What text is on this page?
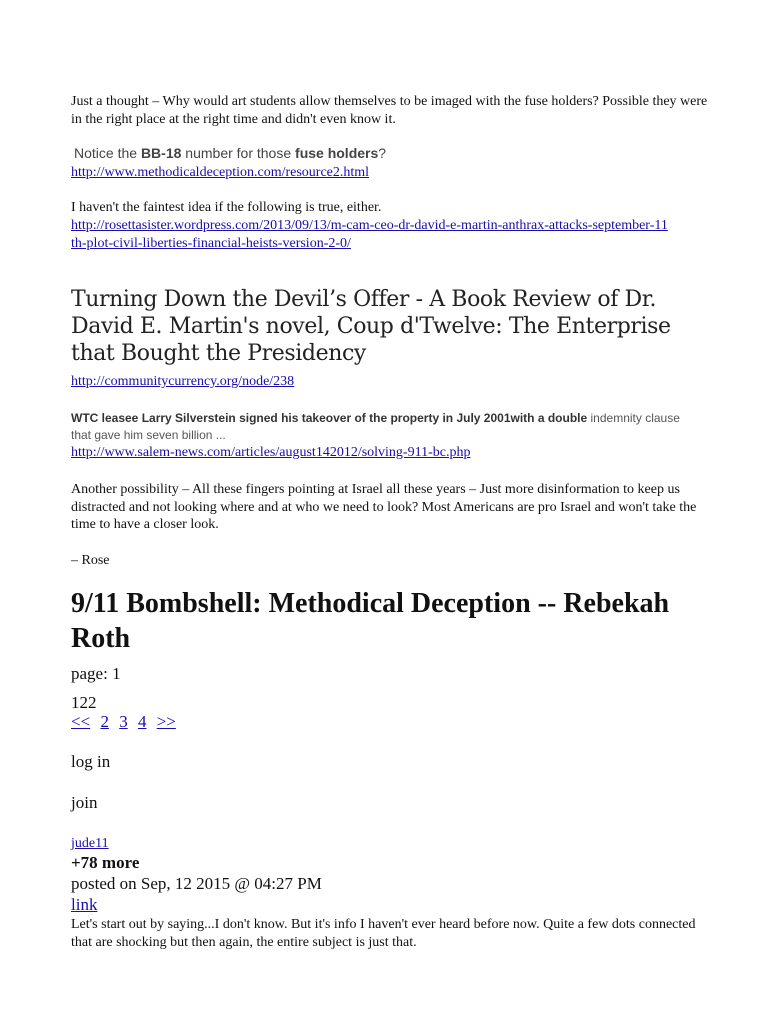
Just a thought – Why would art students allow themselves to be imaged with the fuse holders? Possible they were in the right place at the right time and didn't even know it.
Notice the BB-18 number for those fuse holders?
http://www.methodicaldeception.com/resource2.html
I haven't the faintest idea if the following is true, either.
http://rosettasister.wordpress.com/2013/09/13/m-cam-ceo-dr-david-e-martin-anthrax-attacks-september-11th-plot-civil-liberties-financial-heists-version-2-0/
Turning Down the Devil’s Offer - A Book Review of Dr. David E. Martin's novel, Coup d'Twelve: The Enterprise that Bought the Presidency
http://communitycurrency.org/node/238
WTC leasee Larry Silverstein signed his takeover of the property in July 2001with a double indemnity clause that gave him seven billion ...
http://www.salem-news.com/articles/august142012/solving-911-bc.php
Another possibility – All these fingers pointing at Israel all these years – Just more disinformation to keep us distracted and not looking where and at who we need to look? Most Americans are pro Israel and won't take the time to have a closer look.
– Rose
9/11 Bombshell: Methodical Deception -- Rebekah Roth
page: 1
122
<< 2 3 4 >>
log in
join
jude11
+78 more
posted on Sep, 12 2015 @ 04:27 PM
link
Let's start out by saying...I don't know. But it's info I haven't ever heard before now. Quite a few dots connected that are shocking but then again, the entire subject is just that.
